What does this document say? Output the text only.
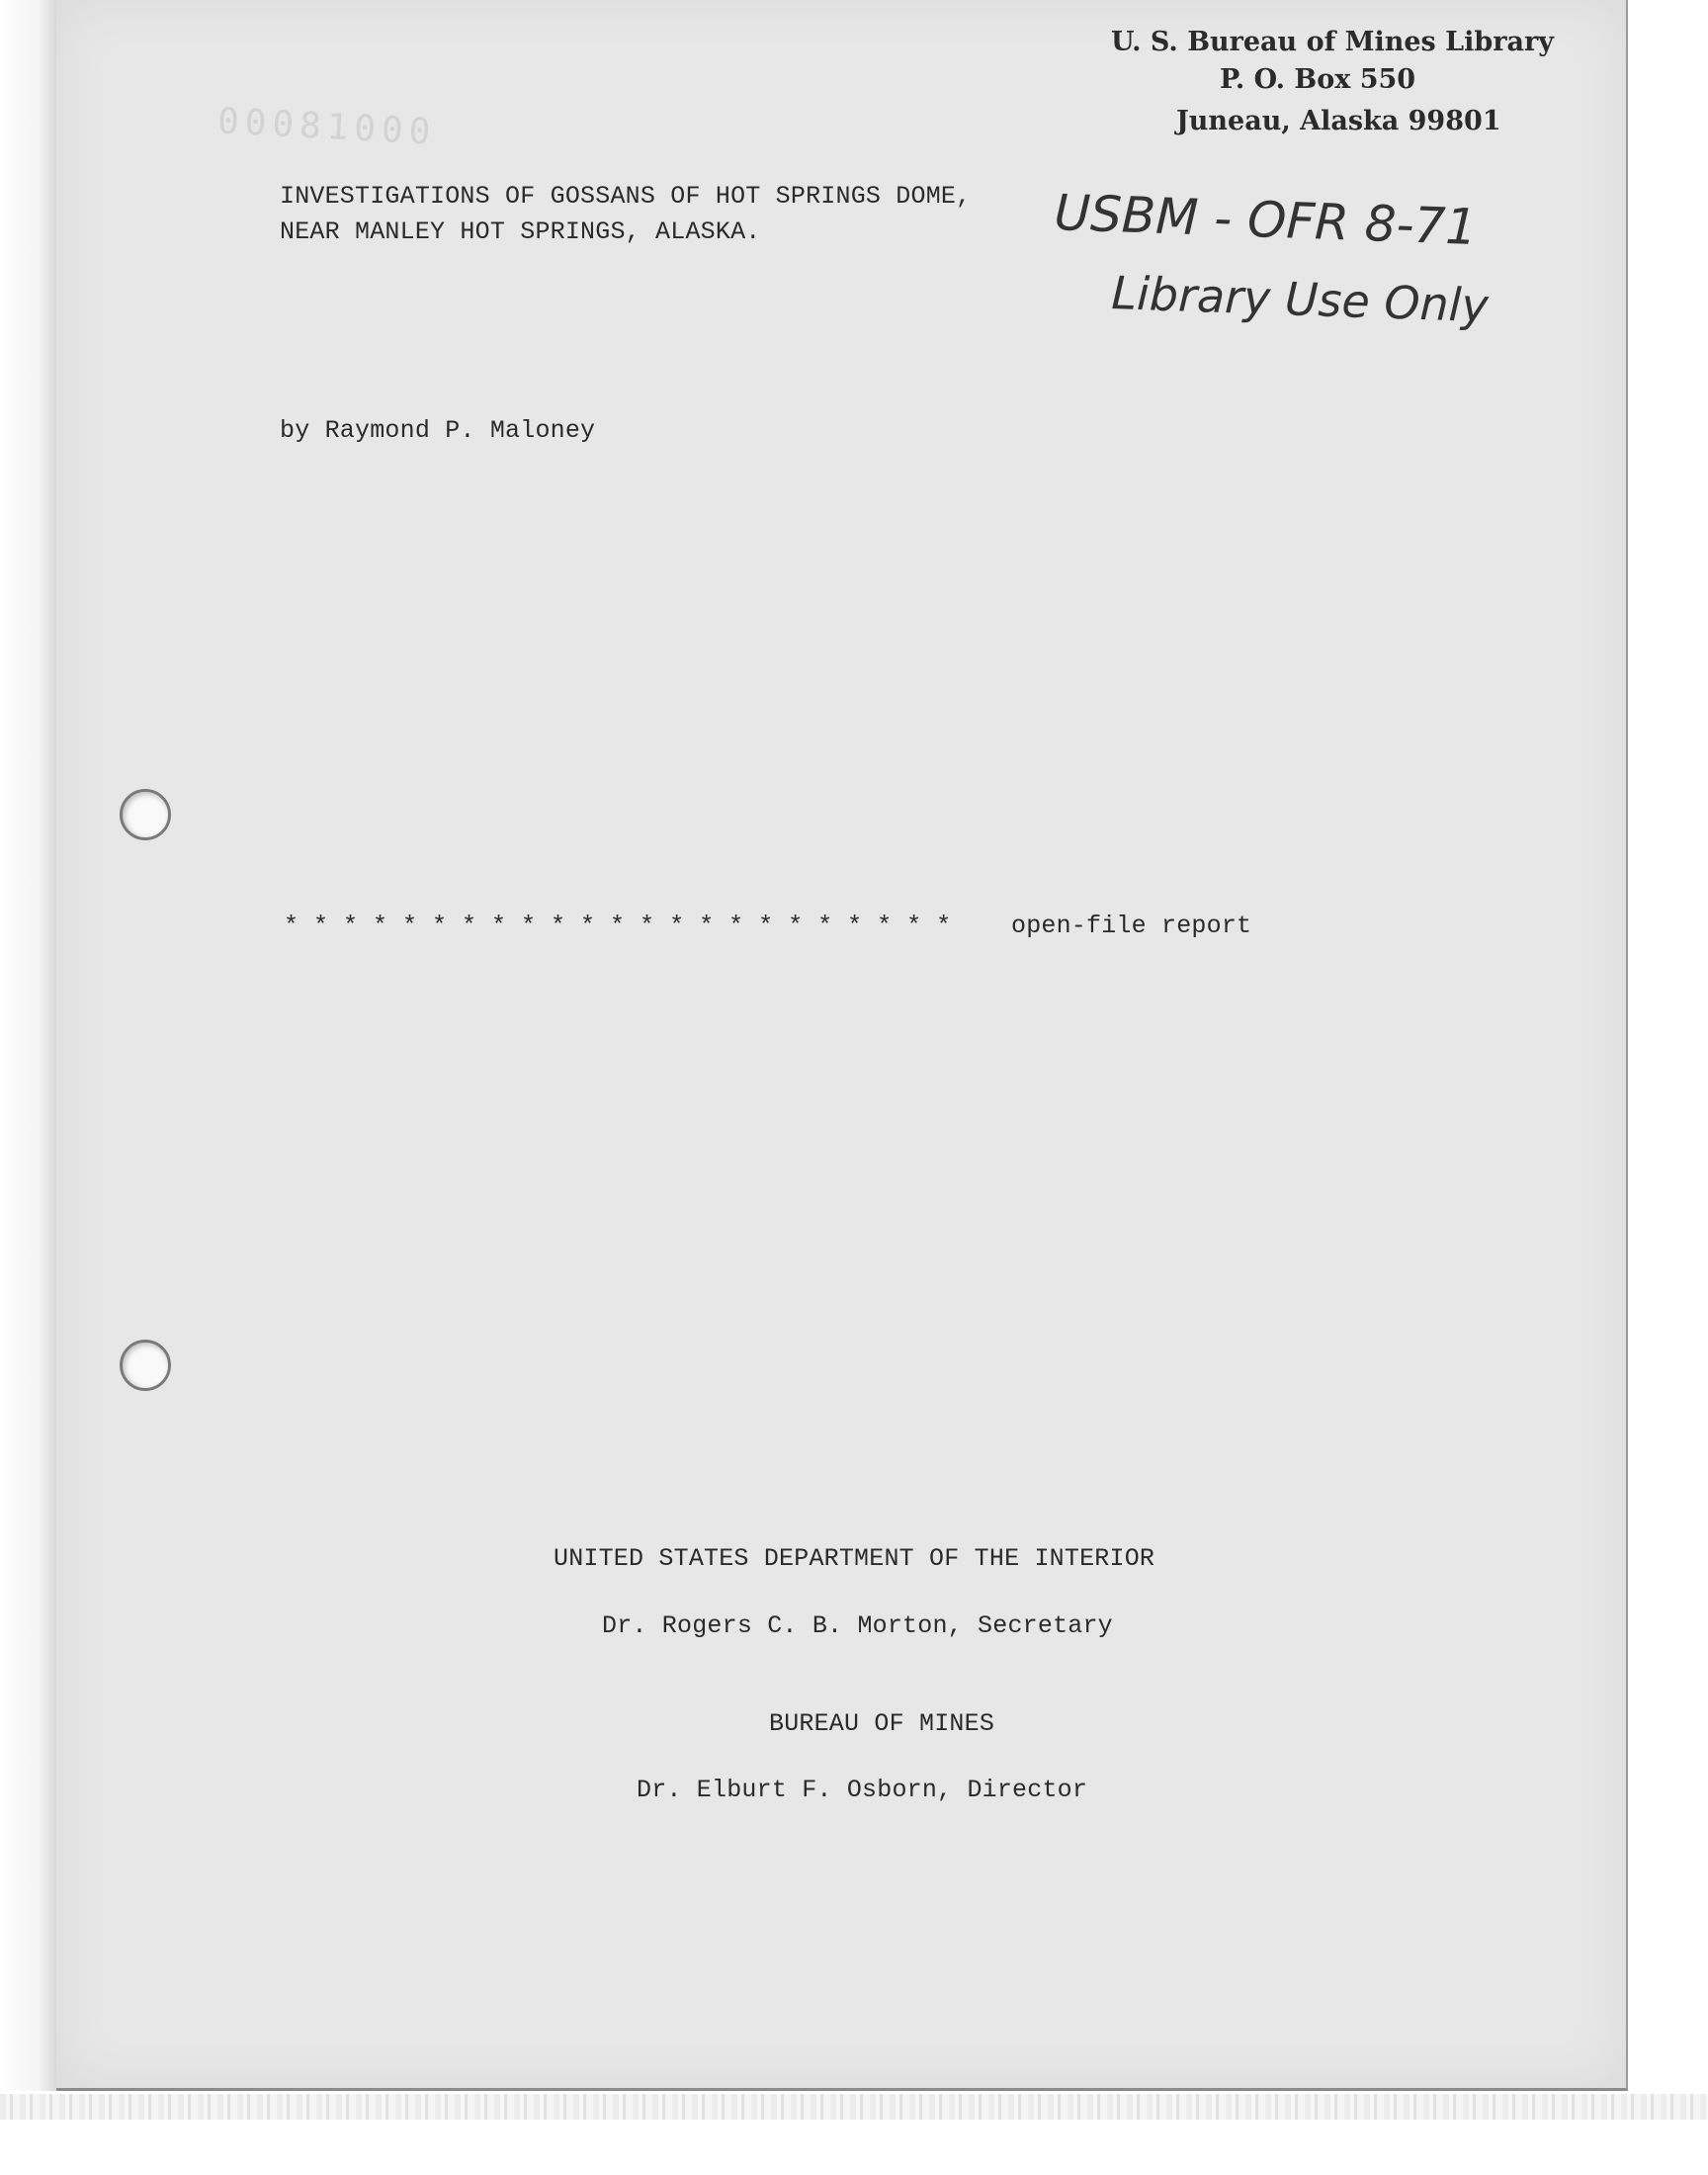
00081000
U. S. Bureau of Mines Library
P. O. Box 550
Juneau, Alaska 99801
USBM - OFR 8-71
Library Use Only
INVESTIGATIONS OF GOSSANS OF HOT SPRINGS DOME,
NEAR MANLEY HOT SPRINGS, ALASKA.
by Raymond P. Maloney
* * * * * * * * * * * * * * * * * * * * * * * open-file report
UNITED STATES DEPARTMENT OF THE INTERIOR
Dr. Rogers C. B. Morton, Secretary
BUREAU OF MINES
Dr. Elburt F. Osborn, Director
